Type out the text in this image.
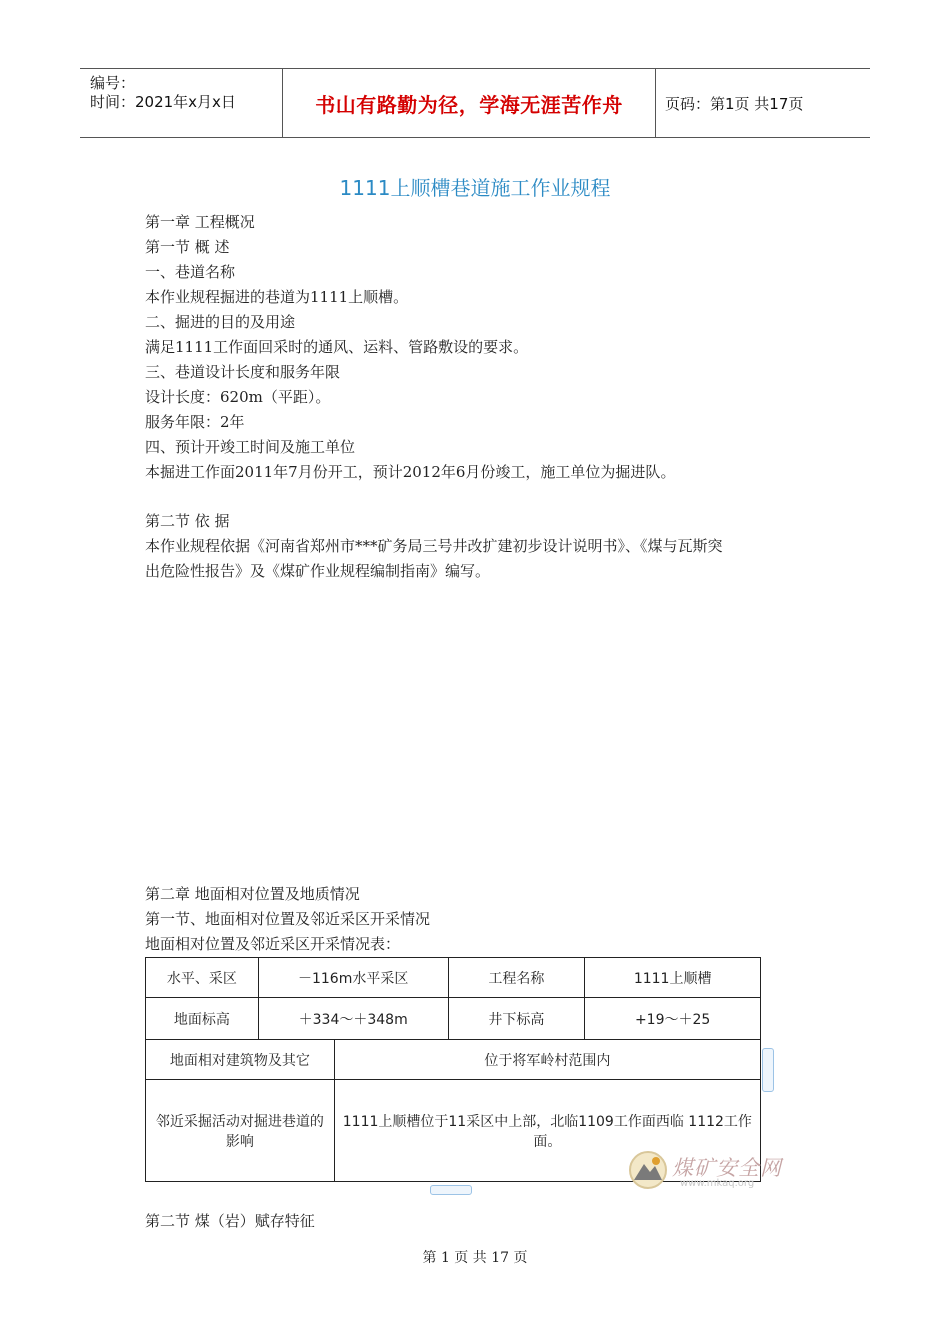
编号：
时间：2021年x月x日	书山有路勤为径，学海无涯苦作舟	页码：第1页 共17页
1111上顺槽巷道施工作业规程
第一章 工程概况
第一节 概 述
一、巷道名称
本作业规程掘进的巷道为1111上顺槽。
二、掘进的目的及用途
满足1111工作面回采时的通风、运料、管路敷设的要求。
三、巷道设计长度和服务年限
设计长度：620m（平距）。
服务年限：2年
四、预计开竣工时间及施工单位
本掘进工作面2011年7月份开工，预计2012年6月份竣工，施工单位为掘进队。
第二节 依 据
本作业规程依据《河南省郑州市***矿务局三号井改扩建初步设计说明书》、《煤与瓦斯突
出危险性报告》及《煤矿作业规程编制指南》编写。
第二章 地面相对位置及地质情况
第一节、地面相对位置及邻近采区开采情况
地面相对位置及邻近采区开采情况表：
水平、采区	－116m水平采区		工程名称	1111上顺槽
地面标高	＋334～＋348m		井下标高	+19～＋25
地面相对建筑物及其它		位于将军岭村范围内		
邻近采掘活动对掘进巷道的影响		1111上顺槽位于11采区中上部，北临1109工作面西临 1112工作面。		
煤矿安全网
www.mkaq.org
第二节 煤（岩）赋存特征
第 1 页 共 17 页
